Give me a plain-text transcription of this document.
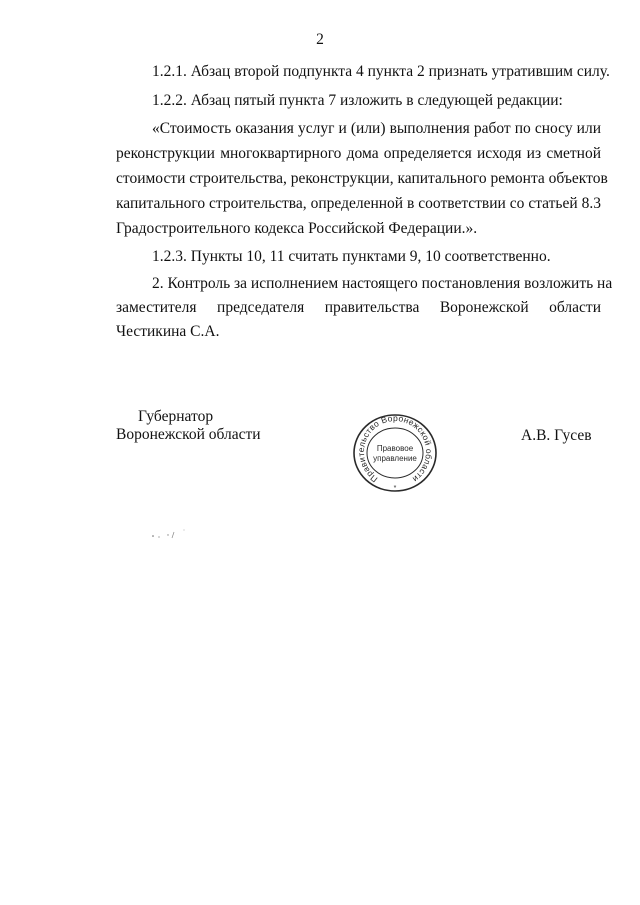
2
1.2.1. Абзац второй подпункта 4 пункта 2 признать утратившим силу.
1.2.2. Абзац пятый пункта 7 изложить в следующей редакции:
«Стоимость оказания услуг и (или) выполнения работ по сносу или
реконструкции многоквартирного дома определяется исходя из сметной
стоимости строительства, реконструкции, капитального ремонта объектов
капитального строительства, определенной в соответствии со статьей 8.3
Градостроительного кодекса Российской Федерации.».
1.2.3. Пункты 10, 11 считать пунктами 9, 10 соответственно.
2. Контроль за исполнением настоящего постановления возложить на
заместителя председателя правительства Воронежской области
Честикина С.А.
Губернатор
Воронежской области	А.В. Гусев
Правительство Воронежской области
Правовое
управление
*
